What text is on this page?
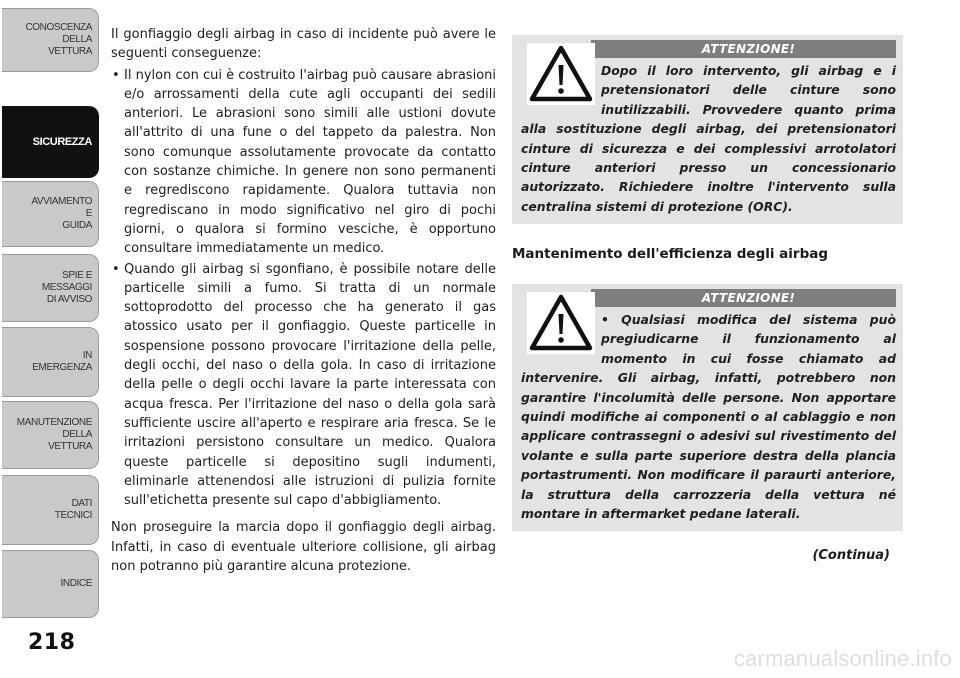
CONOSCENZA
DELLA
VETTURA
SICUREZZA
AVVIAMENTO
E
GUIDA
SPIE E
MESSAGGI
DI AVVISO
IN
EMERGENZA
MANUTENZIONE
DELLA
VETTURA
DATI
TECNICI
INDICE
218

Il gonfiaggio degli airbag in caso di incidente può avere le seguenti conseguenze:

• Il nylon con cui è costruito l'airbag può causare abrasioni e/o arrossamenti della cute agli occupanti dei sedili anteriori. Le abrasioni sono simili alle ustioni dovute all'attrito di una fune o del tappeto da palestra. Non sono comunque assolutamente provocate da contatto con sostanze chimiche. In genere non sono permanenti e regrediscono rapidamente. Qualora tuttavia non regrediscano in modo significativo nel giro di pochi giorni, o qualora si formino vesciche, è opportuno consultare immediatamente un medico.
• Quando gli airbag si sgonfiano, è possibile notare delle particelle simili a fumo. Si tratta di un normale sottoprodotto del processo che ha generato il gas atossico usato per il gonfiaggio. Queste particelle in sospensione possono provocare l'irritazione della pelle, degli occhi, del naso o della gola. In caso di irritazione della pelle o degli occhi lavare la parte interessata con acqua fresca. Per l'irritazione del naso o della gola sarà sufficiente uscire all'aperto e respirare aria fresca. Se le irritazioni persistono consultare un medico. Qualora queste particelle si depositino sugli indumenti, eliminarle attenendosi alle istruzioni di pulizia fornite sull'etichetta presente sul capo d'abbigliamento.

Non proseguire la marcia dopo il gonfiaggio degli airbag. Infatti, in caso di eventuale ulteriore collisione, gli airbag non potranno più garantire alcuna protezione.

ATTENZIONE!
Dopo il loro intervento, gli airbag e i pretensionatori delle cinture sono inutilizzabili. Provvedere quanto prima alla sostituzione degli airbag, dei pretensionatori cinture di sicurezza e dei complessivi arrotolatori cinture anteriori presso un concessionario autorizzato. Richiedere inoltre l'intervento sulla centralina sistemi di protezione (ORC).
Mantenimento dell'efficienza degli airbag
ATTENZIONE!
• Qualsiasi modifica del sistema può pregiudicarne il funzionamento al momento in cui fosse chiamato ad intervenire. Gli airbag, infatti, potrebbero non garantire l'incolumità delle persone. Non apportare quindi modifiche ai componenti o al cablaggio e non applicare contrassegni o adesivi sul rivestimento del volante e sulla parte superiore destra della plancia portastrumenti. Non modificare il paraurti anteriore, la struttura della carrozzeria della vettura né montare in aftermarket pedane laterali.
(Continua)
carmanualsonline.info
